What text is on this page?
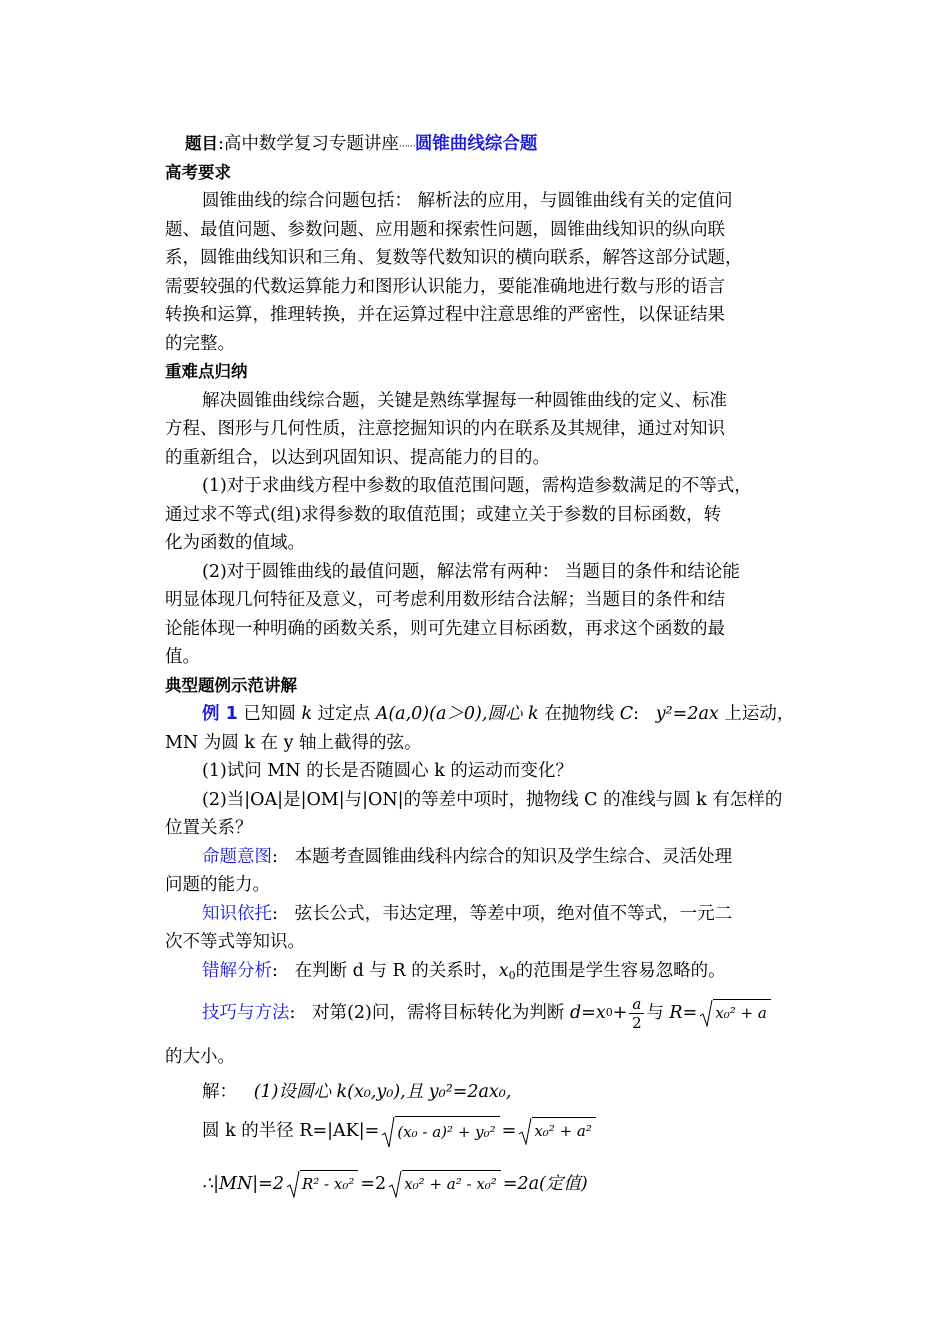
题目:高中数学复习专题讲座……圆锥曲线综合题
高考要求
圆锥曲线的综合问题包括： 解析法的应用，与圆锥曲线有关的定值问
题、最值问题、参数问题、应用题和探索性问题，圆锥曲线知识的纵向联
系，圆锥曲线知识和三角、复数等代数知识的横向联系，解答这部分试题，
需要较强的代数运算能力和图形认识能力，要能准确地进行数与形的语言
转换和运算，推理转换，并在运算过程中注意思维的严密性，以保证结果
的完整。
重难点归纳
解决圆锥曲线综合题，关键是熟练掌握每一种圆锥曲线的定义、标准
方程、图形与几何性质，注意挖掘知识的内在联系及其规律，通过对知识
的重新组合，以达到巩固知识、提高能力的目的。
(1)对于求曲线方程中参数的取值范围问题，需构造参数满足的不等式，
通过求不等式(组)求得参数的取值范围；或建立关于参数的目标函数，转
化为函数的值域。
(2)对于圆锥曲线的最值问题，解法常有两种： 当题目的条件和结论能
明显体现几何特征及意义，可考虑利用数形结合法解；当题目的条件和结
论能体现一种明确的函数关系，则可先建立目标函数，再求这个函数的最
值。
典型题例示范讲解
例 1 已知圆 k 过定点 A(a,0)(a＞0),圆心 k 在抛物线 C:   y²=2ax 上运动，
MN 为圆 k 在 y 轴上截得的弦。
(1)试问 MN 的长是否随圆心 k 的运动而变化？
(2)当|OA|是|OM|与|ON|的等差中项时，抛物线 C 的准线与圆 k 有怎样的
位置关系？
命题意图:   本题考查圆锥曲线科内综合的知识及学生综合、灵活处理
问题的能力。
知识依托:   弦长公式，韦达定理，等差中项，绝对值不等式，一元二
次不等式等知识。
错解分析:   在判断 d 与 R 的关系时，$x_0$的范围是学生容易忽略的。
技巧与方法 : 对第(2)问，需将目标转化为判断
d=x $0 + \frac{a}{2}$ 与
R=	x₀² + a
的大小。
解： (1)设圆心 k(x₀,y₀),且 y₀²=2ax₀,
圆 k 的半径 R=|AK|=	(x₀ - a)² + y₀² =	x₀² + a²
∴|MN|=2	R² - x₀² =2	x₀² + a² - x₀² =2a(定值)
